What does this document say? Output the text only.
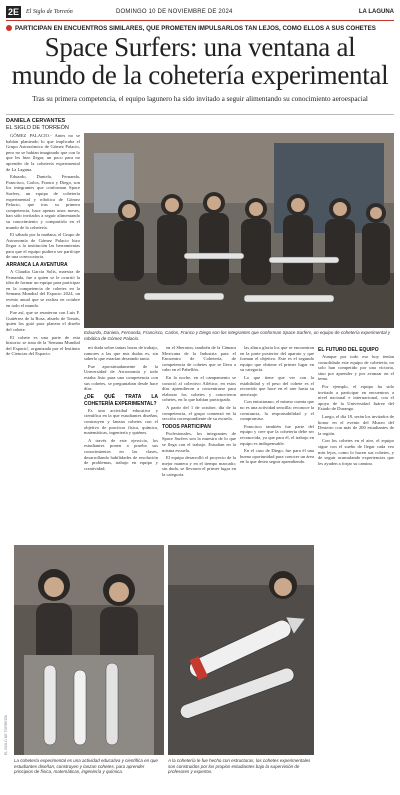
2E	El Siglo de Torreón	DOMINGO 10 DE NOVIEMBRE DE 2024	LA LAGUNA
PARTICIPAN EN ENCUENTROS SIMILARES, QUE PROMETEN IMPULSARLOS TAN LEJOS, COMO ELLOS A SUS COHETES
Space Surfers: una ventana al mundo de la cohetería experimental
Tras su primera competencia, el equipo lagunero ha sido invitado a seguir alimentando su conocimiento aeroespacial
DANIELA CERVANTES
EL SIGLO DE TORREÓN

GÓMEZ PALACIO.- Antes no se habían planteado lo que implicaba el Grupo Astronómico de Gómez Palacio, pero no se habían imaginado que con lo que les hizo llegar, un poco para no aprender de la cohetería experimental de La Laguna.

Eduardo, Daniela, Fernanda, Francisco, Carlos, Franco y Diego, son los integrantes que conforman Space Surfers, un equipo de cohetería experimental y robótica de Gómez Palacio, que tras su primera competencia, hace apenas unos meses, han sido invitados a seguir alimentando su conocimiento y compartirlo en el mundo de la cohetería.

El sábado por la mañana, el Grupo de Astronomía de Gómez Palacio hizo llegar a la institución las herramientas para que el equipo pudiera ser partícipe de una convocatoria.

ARRANCA LA AVENTURA

A Claudia García Solís, maestra de Fernanda, fue a quien se le ocurrió la idea de formar un equipo para participar en la competencia de cohetes en la Semana Mundial del Espacio 2024, un evento anual que se realiza en octubre en todo el mundo.

Fue así, que se reunieron con Luis F. Gutiérrez de la Rosa, abuelo de Tomás, quien los guió para planear el diseño del cohete.

El cohete es una parte de esta historia: se trata de la 'Semana Mundial del Espacio', organizada por el Instituto de Ciencias del Espacio.

Eduardo, Daniela, Fernanda, Francisco, Carlos, Franco y Diego son los integrantes que conforman Space Surfers, un equipo de cohetería experimental y robótica de Gómez Palacio.

mi duda sobre tantas horas de trabajo, rumores a las que mis dudas es, sin saberlo que estarían deseando tanto.

Fue aproximadamente de la Universidad de Astronomía y todo estaba listo para una competencia con sus cohetes, se preguntaban desde hace días.

¿DE QUÉ TRATA LA COHETERÍA EXPERIMENTAL?

Es una actividad educativa y científica en la que estudiantes diseñan, construyen y lanzan cohetes con el objetivo de practicar física, química, matemáticas, ingeniería y quiénes.

A través de este ejercicio, los estudiantes ponen a prueba sus conocimientos en las clases, desarrollando habilidades de resolución de problemas, trabajo en equipo y creatividad.

en el Sheraton, también de la Cámara Mexicana de la Industria para el Encuentro de Cohetería, de competencia de cohetes que se lleva a cabo en el Pabellón.

En la noche, en el campamento se conoció al colectivo Atlético; en estos días aprendieron a concentrarse para elaborar los cohetes y conocieron cohetes, en lo que habían participado.

A partir del 1 de octubre, día de la competencia, el grupo comenzó en la sección correspondiente de su escuela.

TODOS PARTICIPAN

Profesionales, los integrantes de Space Surfers son la muestra de lo que se llega con el trabajo. Estudian en la misma escuela.

El equipo desarrolló el proyecto de la mejor manera y en el tiempo marcado; sin duda, se llevaron el primer lugar en la categoría.

las altura gloria los que se encuentran en la parte posterior del aparato y que forman el objetivo. Este es el segundo equipo que obtiene el primer lugar en su categoría.

Lo que tiene que ver con la estabilidad y el peso del cohete es el recorrido que hace en el aire hasta su aterrizaje.

Con entusiasmo, el mismo cuenta que no es una actividad sencilla; reconoce la constancia, la responsabilidad y el compromiso.

Francisco también fue parte del equipo y cree que la cohetería debe ser reconocida, ya que para él, el trabajo en equipo es indispensable.

En el caso de Diego, fue para él una buena oportunidad para conocer un área en la que desea seguir aprendiendo.

EL FUTURO DEL EQUIPO

Aunque por todo eso hoy tenían consolidado este equipo de cohetería, no solo han competido por una victoria, sino por aprender y por avanzar en el tema.

Por ejemplo, el equipo ha sido invitado a participar en encuentros a nivel nacional e internacional, con el apoyo de la Universidad Juárez del Estado de Durango.

Luego, el día 18, serán los invitados de honor en el evento del Museo del Desierto con más de 200 estudiantes de la región.

Con los cohetes en el aire, el equipo sigue con el sueño de llegar cada vez más lejos, como lo hacen sus cohetes, y de seguir acumulando experiencias que les ayuden a forjar su camino.

EL SIGLO DE TORREÓN
La cohetería experimental es una actividad educativa y científica en que estudiantes diseñan, construyen y lanzan cohetes, para aprender principios de física, matemáticas, ingeniería y química.
A la cohetería le fue hecho con estructuras, los cohetes experimentales son construidos por los propios estudiantes bajo la supervisión de profesores y expertos.
